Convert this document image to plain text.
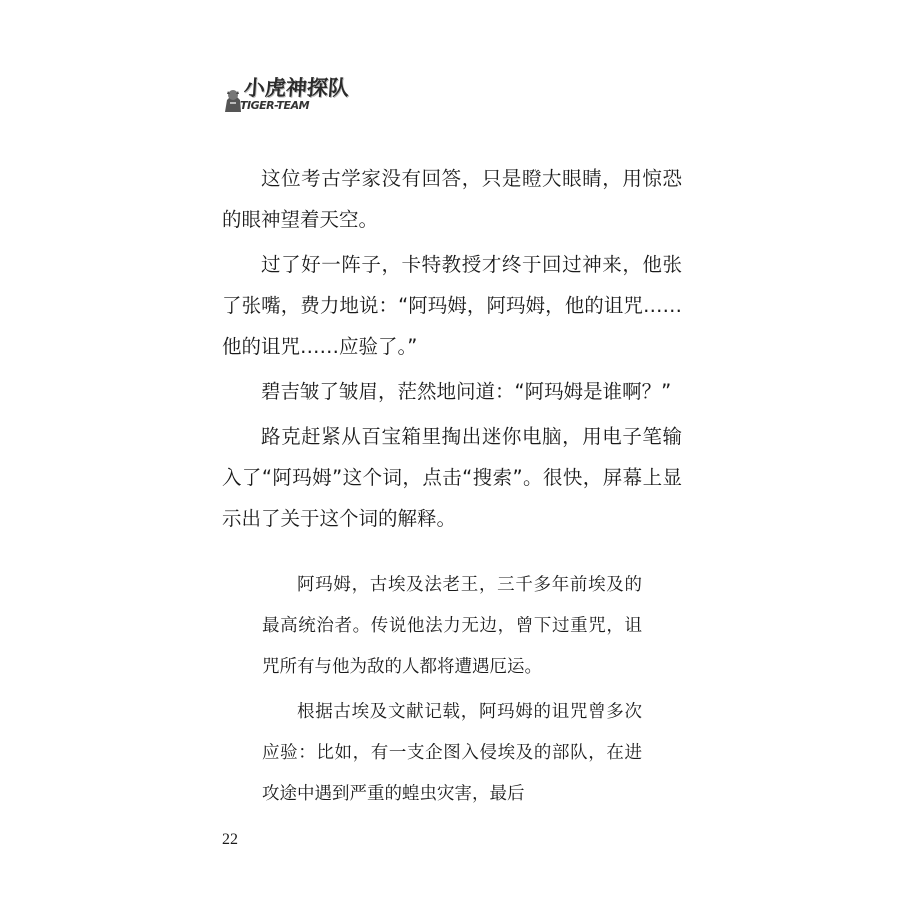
小虎神探队
TIGER-TEAM

这位考古学家没有回答，只是瞪大眼睛，用惊恐的眼神望着天空。

过了好一阵子，卡特教授才终于回过神来，他张了张嘴，费力地说：“阿玛姆，阿玛姆，他的诅咒……他的诅咒……应验了。”

碧吉皱了皱眉，茫然地问道：“阿玛姆是谁啊？”

路克赶紧从百宝箱里掏出迷你电脑，用电子笔输入了“阿玛姆”这个词，点击“搜索”。很快，屏幕上显示出了关于这个词的解释。

阿玛姆，古埃及法老王，三千多年前埃及的最高统治者。传说他法力无边，曾下过重咒，诅咒所有与他为敌的人都将遭遇厄运。

根据古埃及文献记载，阿玛姆的诅咒曾多次应验：比如，有一支企图入侵埃及的部队，在进攻途中遇到严重的蝗虫灾害，最后

22
